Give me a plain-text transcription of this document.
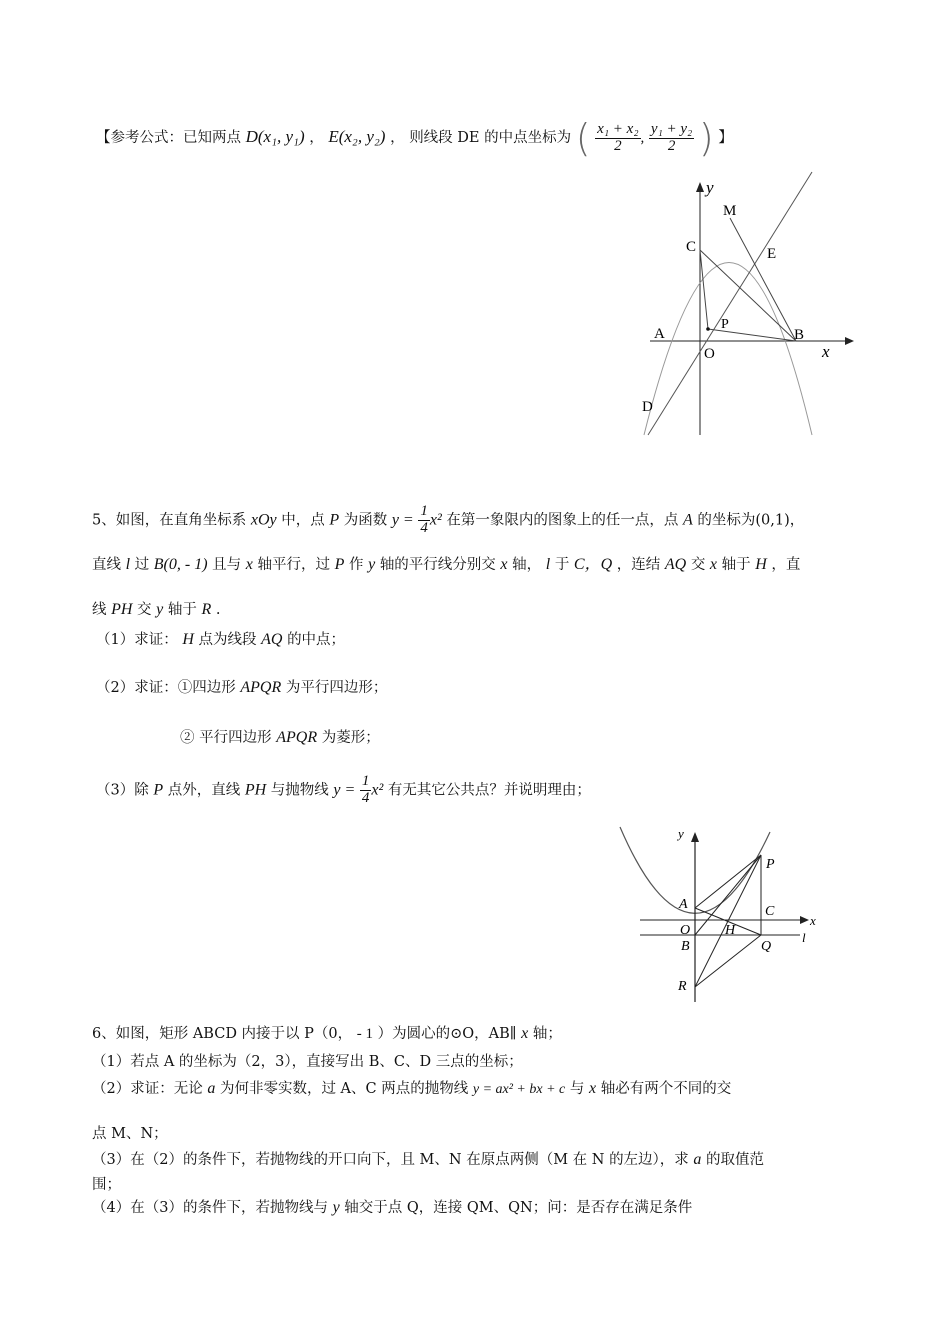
【参考公式：已知两点 D(x₁, y₁) ， E(x₂, y₂) ， 则线段 DE 的中点坐标为 ( $\frac{\text{x₁ + x₂}}{2}$ , $\frac{\text{y₁ + y₂}}{2}$ ) 】
y
M
C	E
P
A	B
O	x
D
5、如图，在直角坐标系 xOy 中，点 P 为函数 $y = \frac{1}{4} x^2$ 在第一象限内的图象上的任一点，点 A 的坐标为(0,1)，
直线 l 过 B(0, - 1) 且与 x 轴平行，过 P 作 y 轴的平行线分别交 x 轴， l 于 C，Q ，连结 AQ 交 x 轴于 H ，直
线 PH 交 y 轴于 R .
（1）求证： H 点为线段 AQ 的中点；
（2）求证：①四边形 APQR 为平行四边形；
② 平行四边形 APQR 为菱形；
（3）除 P 点外，直线 PH 与抛物线 $y = \frac{1}{4} x^2$ 有无其它公共点？并说明理由；
y
P
A	C
x
O H	l
B	Q
R
6、如图，矩形 ABCD 内接于以 P（0， - 1 ）为圆心的⊙O，AB∥ x 轴；
（1）若点 A 的坐标为（2，3），直接写出 B、C、D 三点的坐标；
（2）求证：无论 a 为何非零实数，过 A、C 两点的抛物线 y = ax² + bx + c 与 x 轴必有两个不同的交
点 M、N；
（3）在（2）的条件下，若抛物线的开口向下，且 M、N 在原点两侧（M 在 N 的左边），求 a 的取值范
围；
（4）在（3）的条件下，若抛物线与 y 轴交于点 Q，连接 QM、QN；问：是否存在满足条件
